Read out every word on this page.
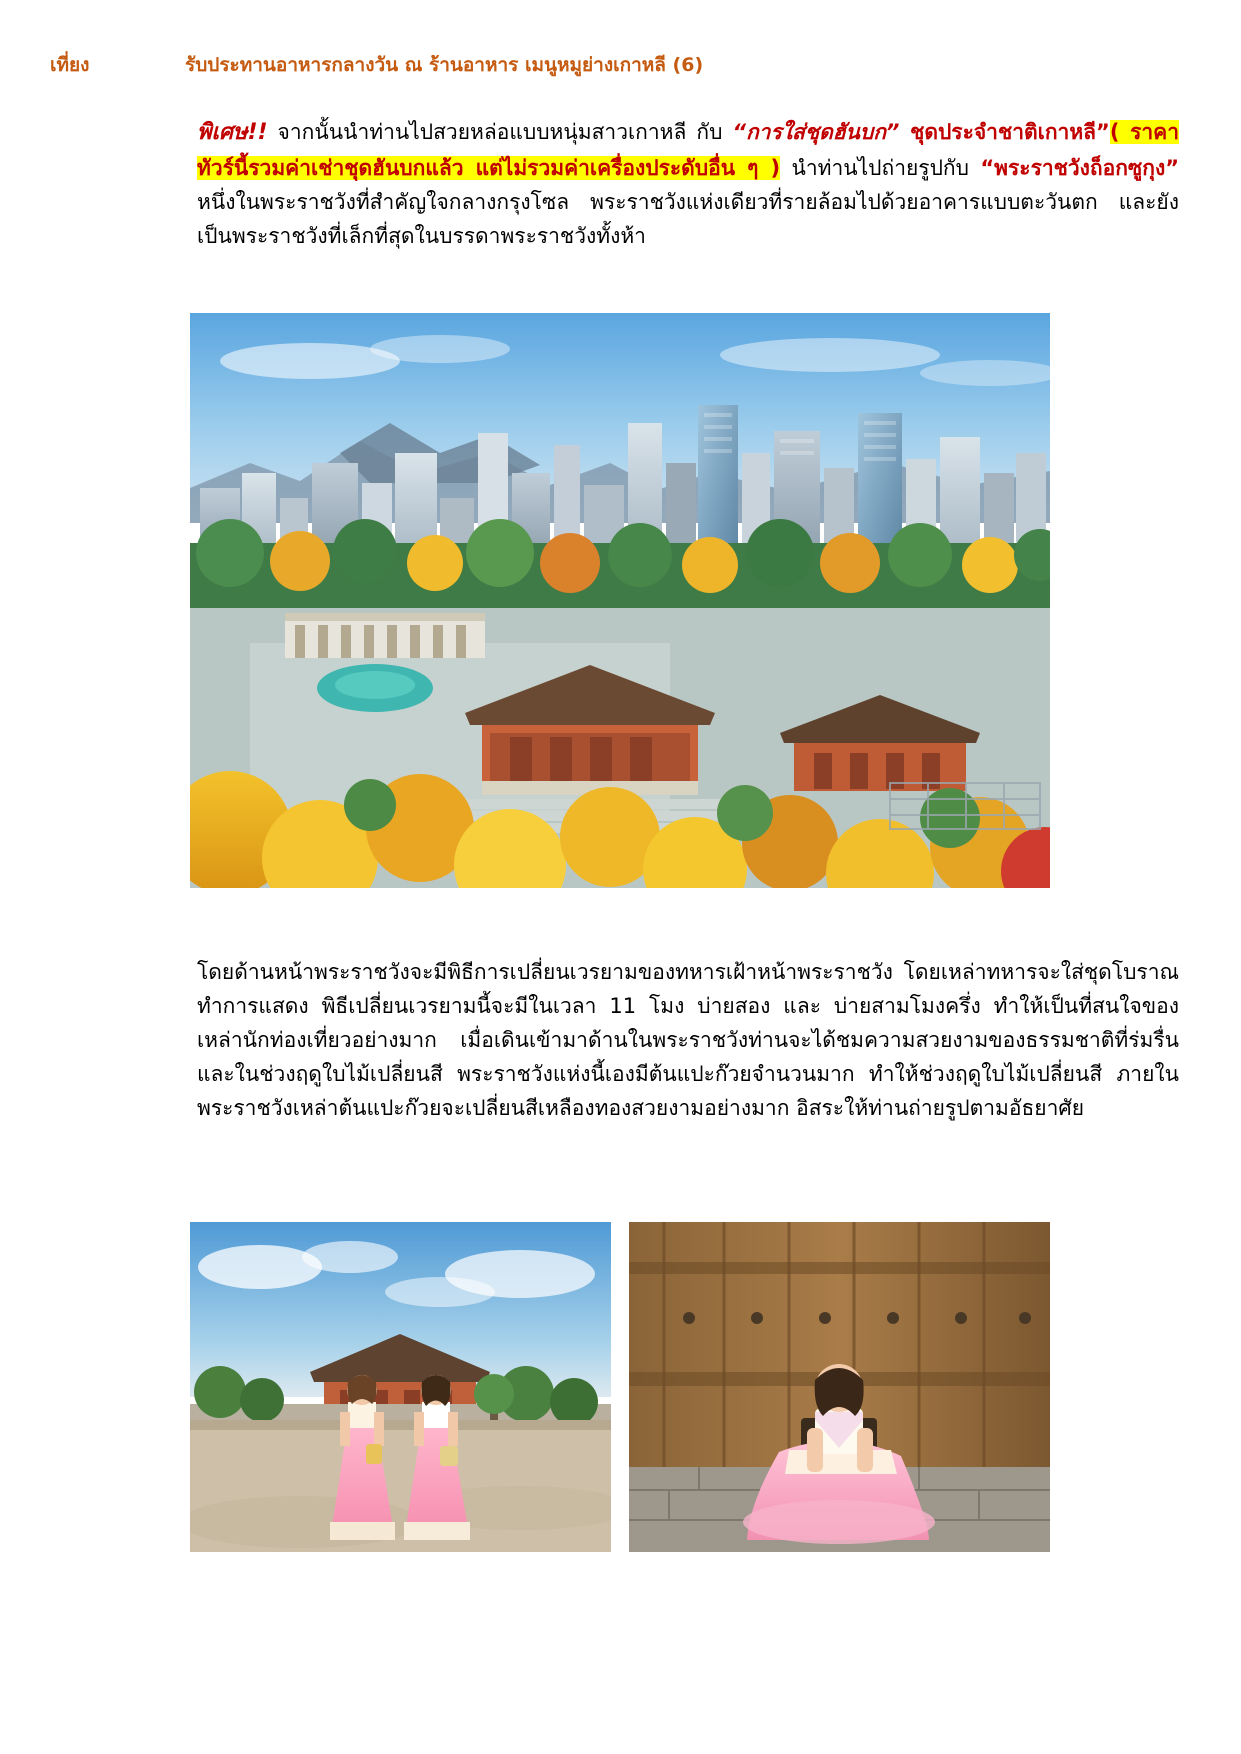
เที่ยง	รับประทานอาหารกลางวัน ณ ร้านอาหาร เมนูหมูย่างเกาหลี (6)
พิเศษ!! จากนั้นนำท่านไปสวยหล่อแบบหนุ่มสาวเกาหลี กับ “การใส่ชุดฮันบก” ชุดประจำชาติเกาหลี”( ราคาทัวร์นี้รวมค่าเช่าชุดฮันบกแล้ว แต่ไม่รวมค่าเครื่องประดับอื่น ๆ ) นำท่านไปถ่ายรูปกับ “พระราชวังถ็อกซูกุง” หนึ่งในพระราชวังที่สำคัญใจกลางกรุงโซล พระราชวังแห่งเดียวที่รายล้อมไปด้วยอาคารแบบตะวันตก และยังเป็นพระราชวังที่เล็กที่สุดในบรรดาพระราชวังทั้งห้า
โดยด้านหน้าพระราชวังจะมีพิธีการเปลี่ยนเวรยามของทหารเฝ้าหน้าพระราชวัง โดยเหล่าทหารจะใส่ชุดโบราณทำการแสดง พิธีเปลี่ยนเวรยามนี้จะมีในเวลา 11 โมง บ่ายสอง และ บ่ายสามโมงครึ่ง ทำให้เป็นที่สนใจของเหล่านักท่องเที่ยวอย่างมาก เมื่อเดินเข้ามาด้านในพระราชวังท่านจะได้ชมความสวยงามของธรรมชาติที่ร่มรื่น และในช่วงฤดูใบไม้เปลี่ยนสี พระราชวังแห่งนี้เองมีต้นแปะก๊วยจำนวนมาก ทำให้ช่วงฤดูใบไม้เปลี่ยนสี ภายในพระราชวังเหล่าต้นแปะก๊วยจะเปลี่ยนสีเหลืองทองสวยงามอย่างมาก อิสระให้ท่านถ่ายรูปตามอัธยาศัย
